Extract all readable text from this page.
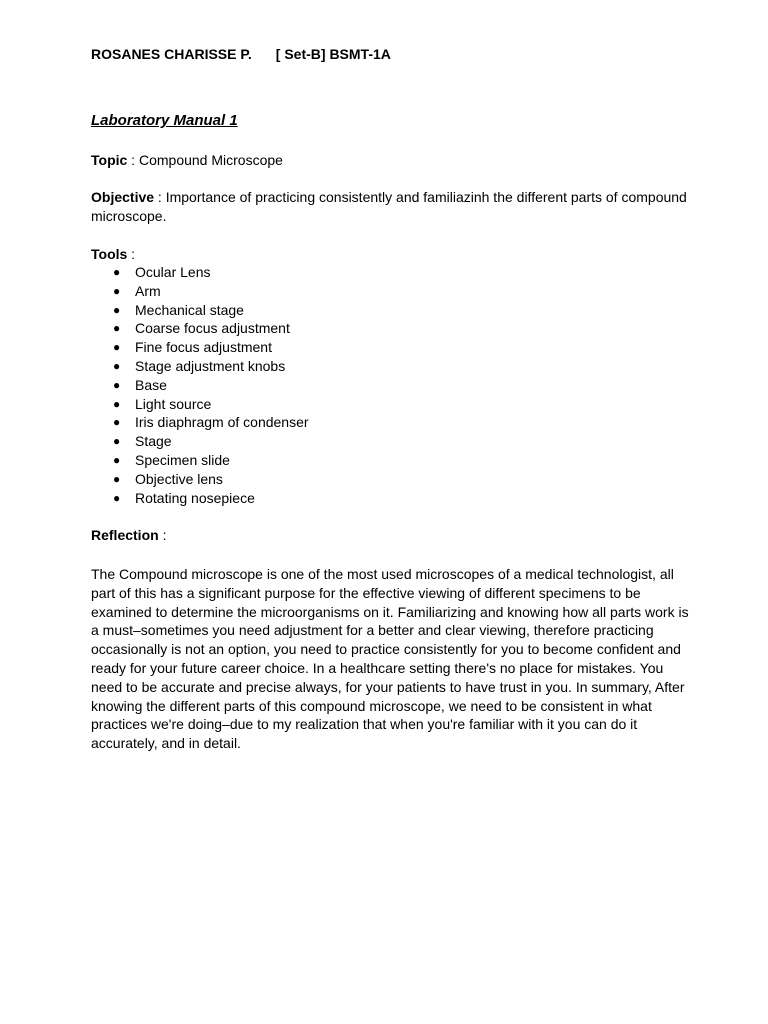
ROSANES CHARISSE P. [ Set-B] BSMT-1A
Laboratory Manual 1
Topic : Compound Microscope
Objective : Importance of practicing consistently and familiazinh the different parts of compound microscope.
Tools :
● Ocular Lens
● Arm
● Mechanical stage
● Coarse focus adjustment
● Fine focus adjustment
● Stage adjustment knobs
● Base
● Light source
● Iris diaphragm of condenser
● Stage
● Specimen slide
● Objective lens
● Rotating nosepiece
Reflection :
The Compound microscope is one of the most used microscopes of a medical technologist, all part of this has a significant purpose for the effective viewing of different specimens to be examined to determine the microorganisms on it. Familiarizing and knowing how all parts work is a must–sometimes you need adjustment for a better and clear viewing, therefore practicing occasionally is not an option, you need to practice consistently for you to become confident and ready for your future career choice. In a healthcare setting there's no place for mistakes. You need to be accurate and precise always, for your patients to have trust in you. In summary, After knowing the different parts of this compound microscope, we need to be consistent in what practices we're doing–due to my realization that when you're familiar with it you can do it accurately, and in detail.
